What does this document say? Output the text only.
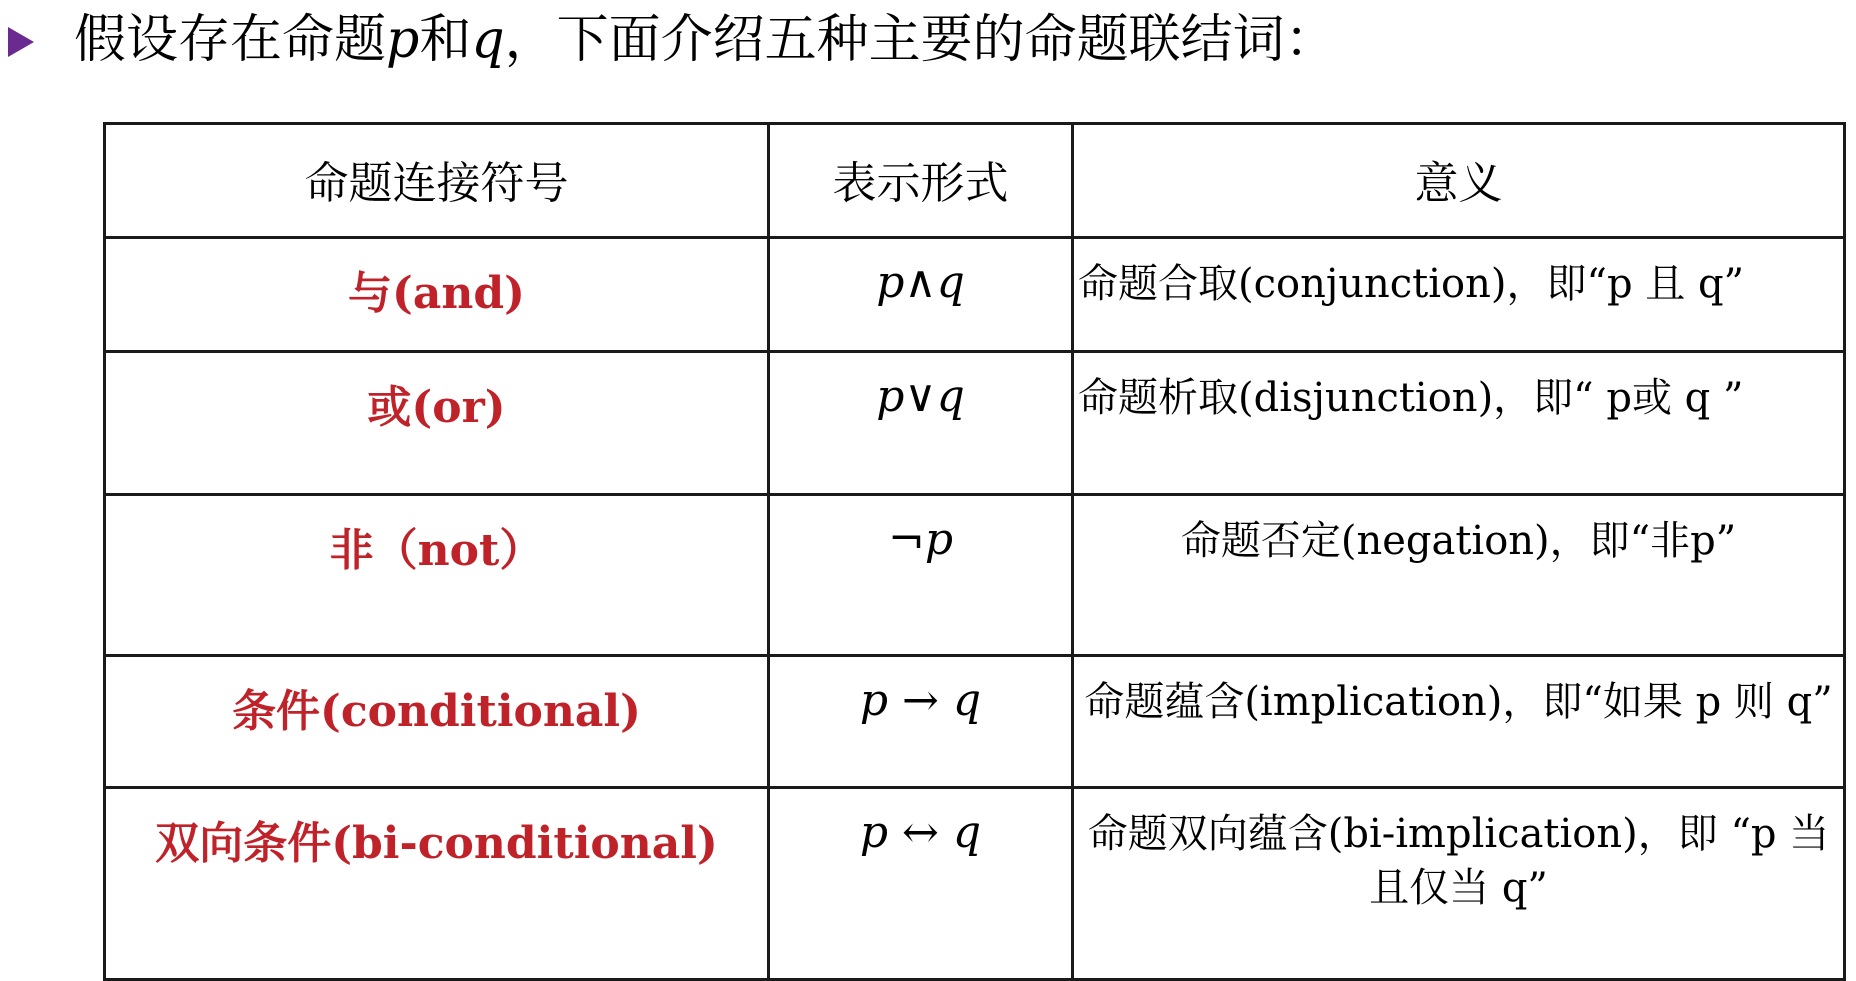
假设存在命题 p 和 q ，下面介绍五种主要的命题联结词：
命题连接符号	表示形式	意义

与(and)	p∧q	命题合取(conjunction)，即“p 且 q”

或(or)	p∨q	命题析取(disjunction)，即“ p或 q ”

非（not）	¬p	命题否定(negation)，即“非p”

条件(conditional)	p → q	命题蕴含(implication)，即“如果 p 则 q”

双向条件(bi-conditional)	p ↔ q	命题双向蕴含(bi-implication)，即 “p 当且仅当 q”
